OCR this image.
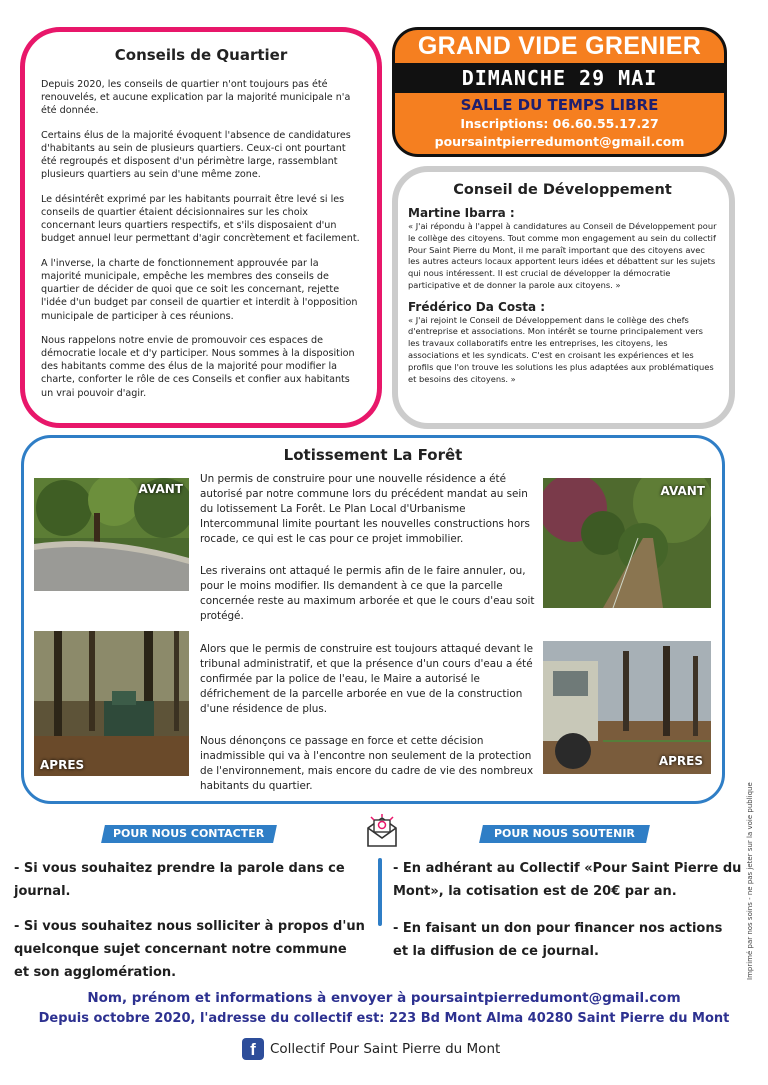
Conseils de Quartier

Depuis 2020, les conseils de quartier n'ont toujours pas été renouvelés, et aucune explication par la majorité municipale n'a été donnée.

Certains élus de la majorité évoquent l'absence de candidatures d'habitants au sein de plusieurs quartiers. Ceux-ci ont pourtant été regroupés et disposent d'un périmètre large, rassemblant plusieurs quartiers au sein d'une même zone.

Le désintérêt exprimé par les habitants pourrait être levé si les conseils de quartier étaient décisionnaires sur les choix concernant leurs quartiers respectifs, et s'ils disposaient d'un budget annuel leur permettant d'agir concrètement et facilement.

A l'inverse, la charte de fonctionnement approuvée par la majorité municipale, empêche les membres des conseils de quartier de décider de quoi que ce soit les concernant, rejette l'idée d'un budget par conseil de quartier et interdit à l'opposition municipale de participer à ces réunions.

Nous rappelons notre envie de promouvoir ces espaces de démocratie locale et d'y participer. Nous sommes à la disposition des habitants comme des élus de la majorité pour modifier la charte, conforter le rôle de ces Conseils et confier aux habitants un vrai pouvoir d'agir.

GRAND VIDE GRENIER
DIMANCHE 29 MAI
SALLE DU TEMPS LIBRE
Inscriptions: 06.60.55.17.27
poursaintpierredumont@gmail.com
Conseil de Développement
Martine Ibarra :

« J'ai répondu à l'appel à candidatures au Conseil de Développement pour le collège des citoyens. Tout comme mon engagement au sein du collectif Pour Saint Pierre du Mont, il me paraît important que des citoyens avec les autres acteurs locaux apportent leurs idées et débattent sur les sujets qui nous intéressent. Il est crucial de développer la démocratie participative et de donner la parole aux citoyens. »

Frédérico Da Costa :

« J'ai rejoint le Conseil de Développement dans le collège des chefs d'entreprise et associations. Mon intérêt se tourne principalement vers les travaux collaboratifs entre les entreprises, les citoyens, les associations et les syndicats. C'est en croisant les expériences et les profils que l'on trouve les solutions les plus adaptées aux problématiques et besoins des citoyens. »

Lotissement La Forêt
AVANT
APRES
AVANT
APRES

Un permis de construire pour une nouvelle résidence a été autorisé par notre commune lors du précédent mandat au sein du lotissement La Forêt. Le Plan Local d'Urbanisme Intercommunal limite pourtant les nouvelles constructions hors rocade, ce qui est le cas pour ce projet immobilier.

Les riverains ont attaqué le permis afin de le faire annuler, ou, pour le moins modifier. Ils demandent à ce que la parcelle concernée reste au maximum arborée et que le cours d'eau soit protégé.

Alors que le permis de construire est toujours attaqué devant le tribunal administratif, et que la présence d'un cours d'eau a été confirmée par la police de l'eau, le Maire a autorisé le défrichement de la parcelle arborée en vue de la construction d'une résidence de plus.

Nous dénonçons ce passage en force et cette décision inadmissible qui va à l'encontre non seulement de la protection de l'environnement, mais encore du cadre de vie des nombreux habitants du quartier.

POUR NOUS CONTACTER	POUR NOUS SOUTENIR
- Si vous souhaitez prendre la parole dans ce journal.
- Si vous souhaitez nous solliciter à propos d'un quelconque sujet concernant notre commune et son agglomération.
- En adhérant au Collectif «Pour Saint Pierre du Mont», la cotisation est de 20€ par an.
- En faisant un don pour financer nos actions et la diffusion de ce journal.
Nom, prénom et informations à envoyer à poursaintpierredumont@gmail.com
Depuis octobre 2020, l'adresse du collectif est: 223 Bd Mont Alma 40280 Saint Pierre du Mont
f	Collectif Pour Saint Pierre du Mont
Imprimé par nos soins - ne pas jeter sur la voie publique
